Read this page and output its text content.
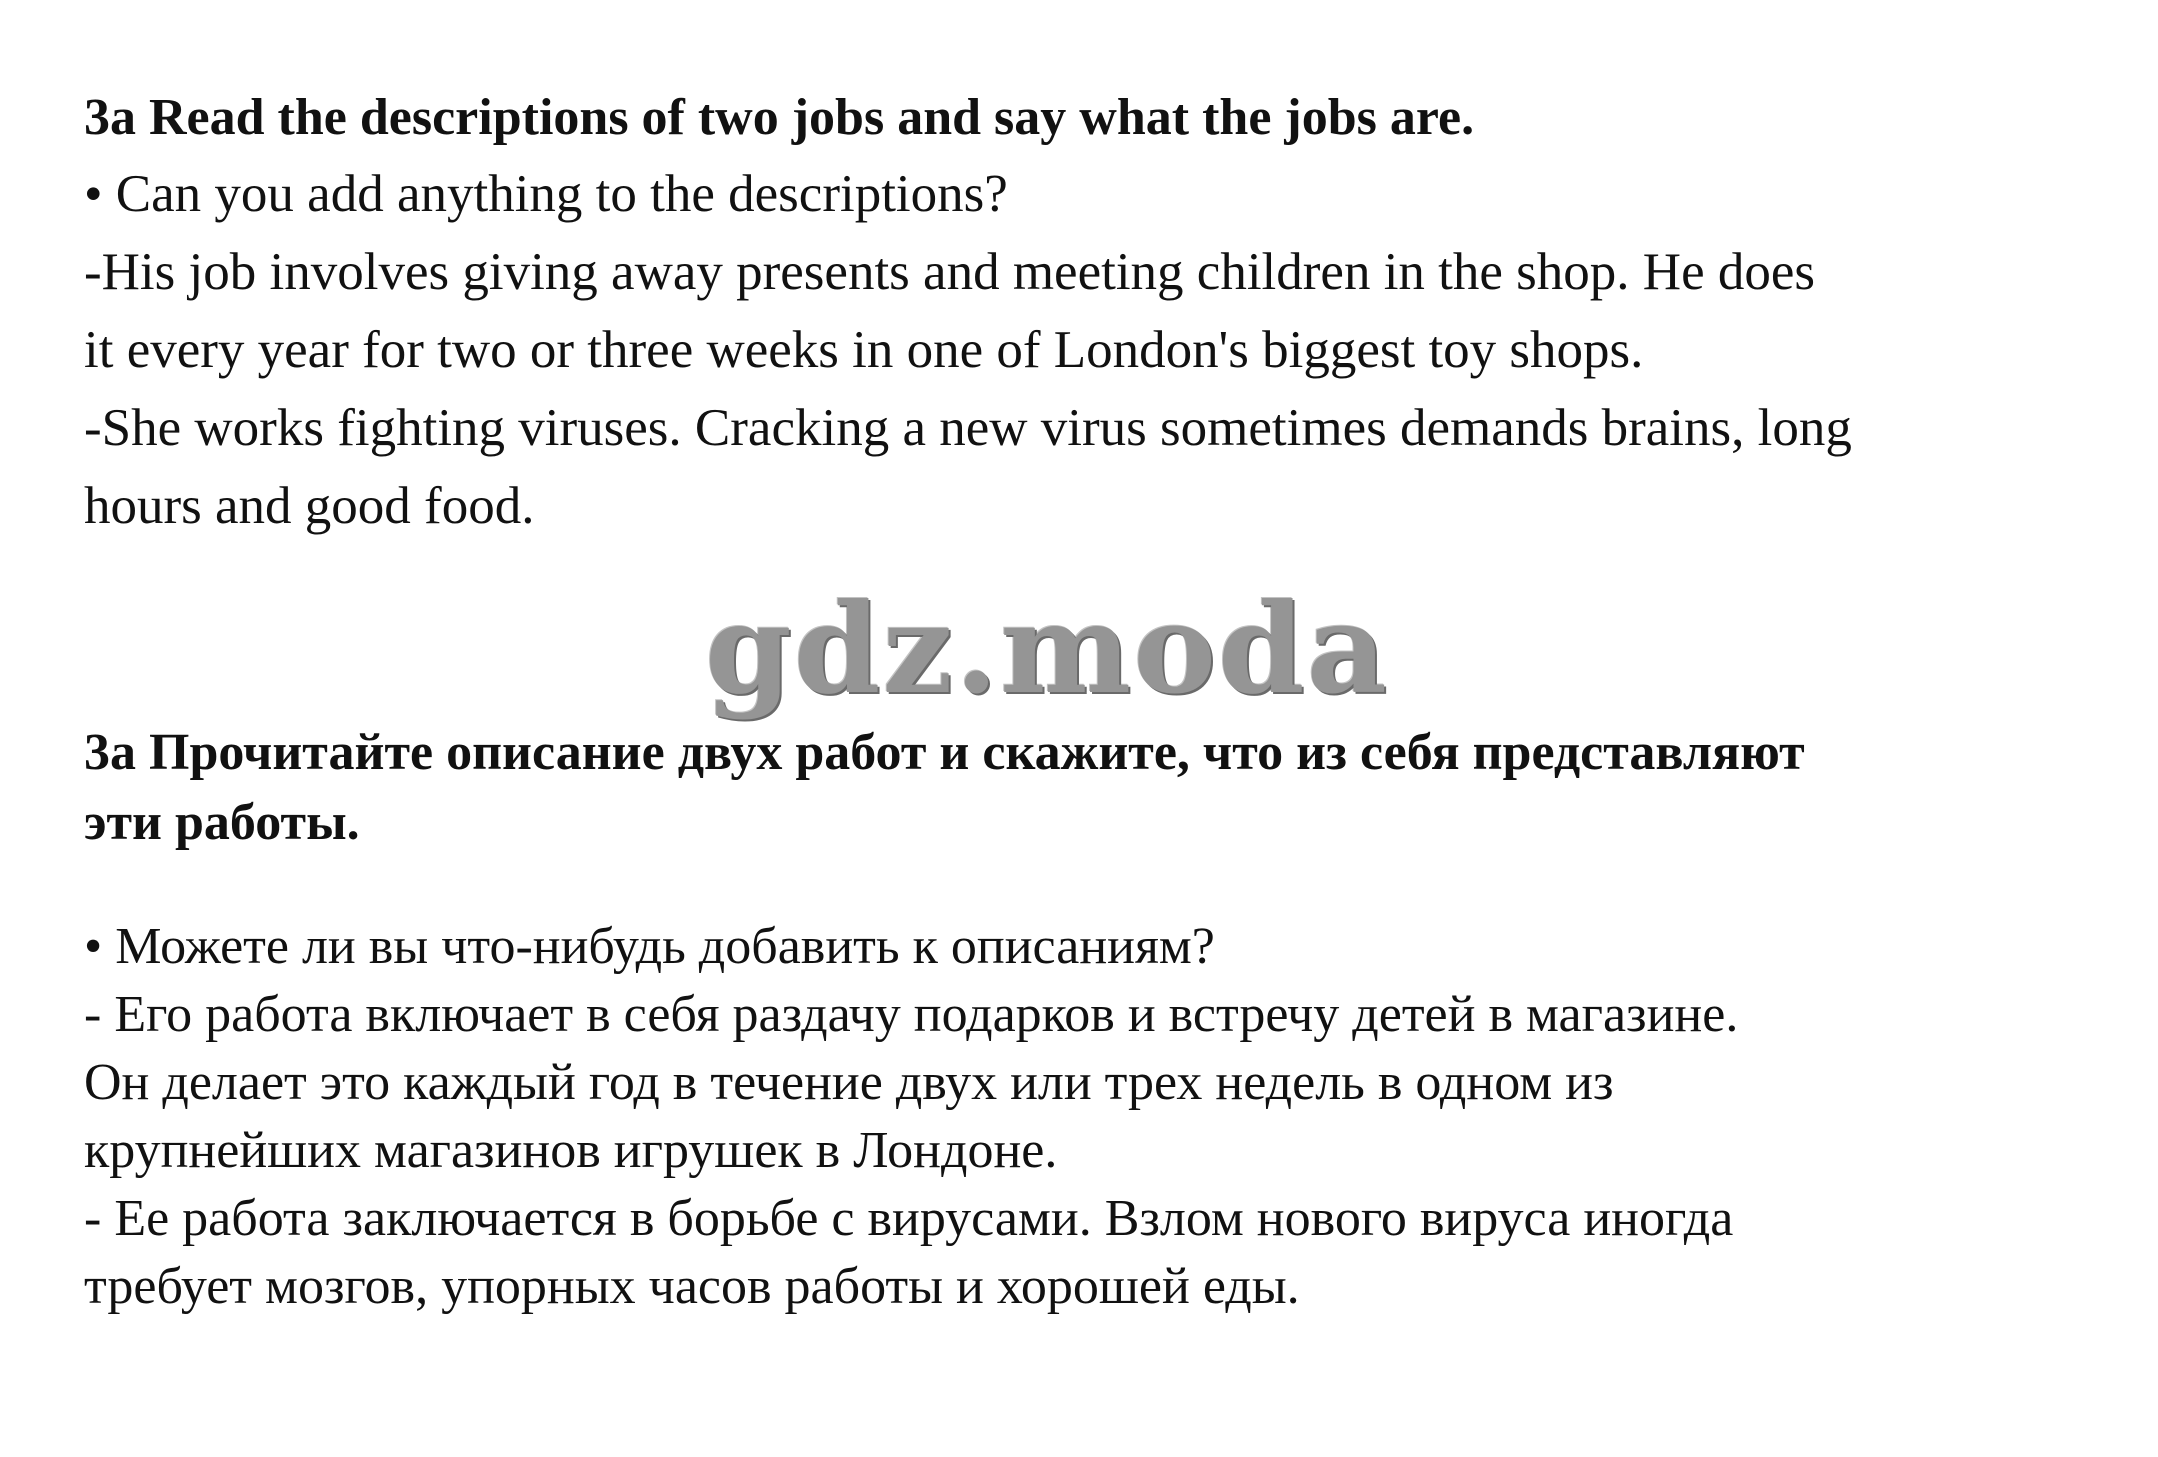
3a Read the descriptions of two jobs and say what the jobs are.

• Can you add anything to the descriptions?

-His job involves giving away presents and meeting children in the shop. He does

it every year for two or three weeks in one of London's biggest toy shops.

-She works fighting viruses. Cracking a new virus sometimes demands brains, long

hours and good food.

gdz.moda

3a Прочитайте описание двух работ и скажите, что из себя представляют

эти работы.

• Можете ли вы что-нибудь добавить к описаниям?

- Его работа включает в себя раздачу подарков и встречу детей в магазине.

Он делает это каждый год в течение двух или трех недель в одном из

крупнейших магазинов игрушек в Лондоне.

- Ее работа заключается в борьбе с вирусами. Взлом нового вируса иногда

требует мозгов, упорных часов работы и хорошей еды.
